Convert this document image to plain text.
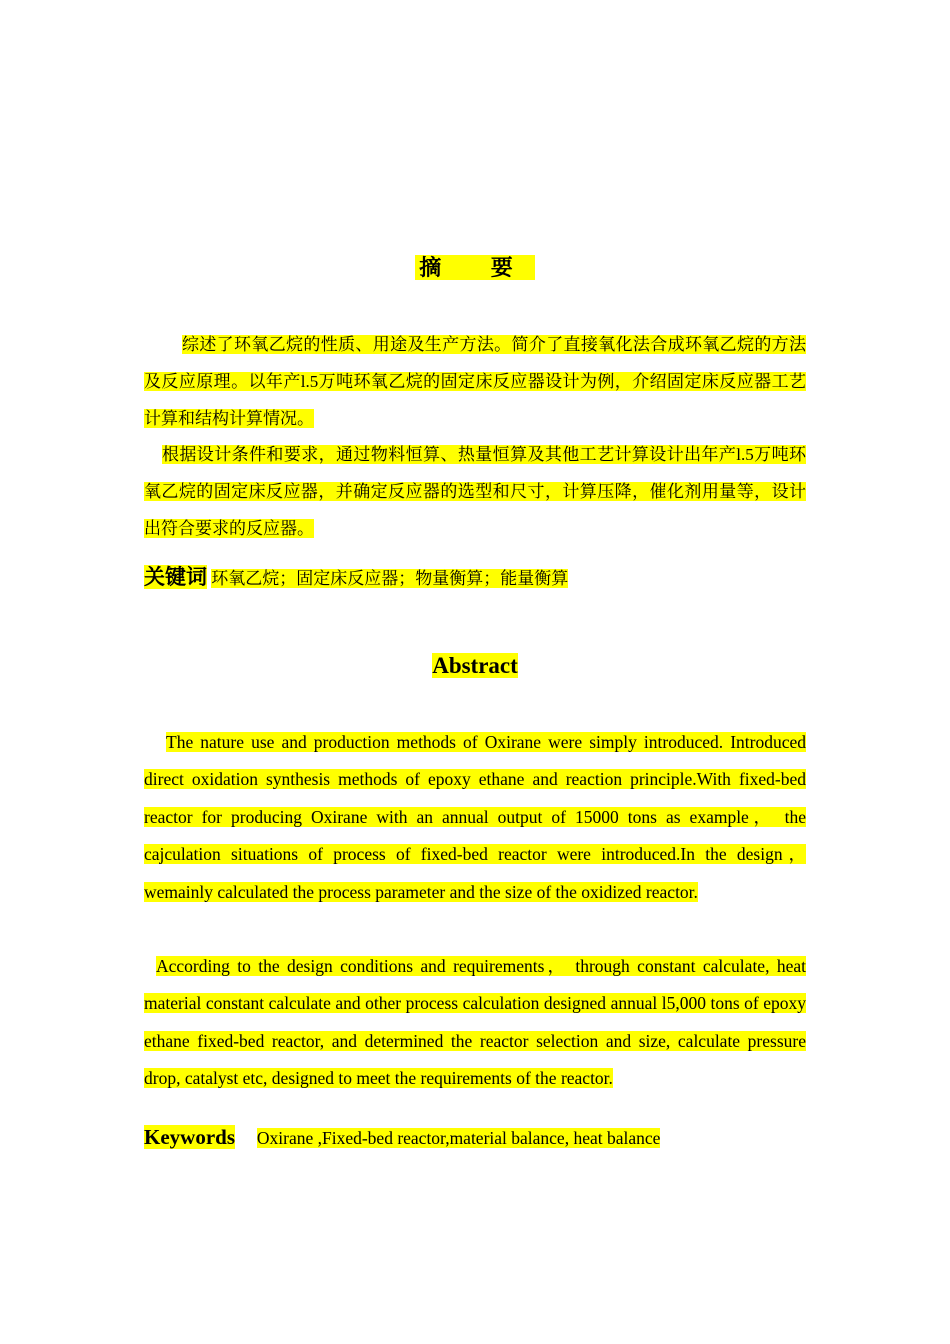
摘 要
综述了环氧乙烷的性质、用途及生产方法。简介了直接氧化法合成环氧乙烷的方法及反应原理。以年产l.5万吨环氧乙烷的固定床反应器设计为例，介绍固定床反应器工艺计算和结构计算情况。
根据设计条件和要求，通过物料恒算、热量恒算及其他工艺计算设计出年产l.5万吨环氧乙烷的固定床反应器，并确定反应器的选型和尺寸，计算压降，催化剂用量等，设计出符合要求的反应器。
关键词 环氧乙烷；固定床反应器；物量衡算；能量衡算
Abstract
The nature use and production methods of Oxirane were simply introduced. Introduced direct oxidation synthesis methods of epoxy ethane and reaction principle.With fixed-bed reactor for producing Oxirane with an annual output of 15000 tons as example， the cajculation situations of process of fixed-bed reactor were introduced.In the design， wemainly calculated the process parameter and the size of the oxidized reactor.
According to the design conditions and requirements， through constant calculate, heat material constant calculate and other process calculation designed annual l5,000 tons of epoxy ethane fixed-bed reactor, and determined the reactor selection and size, calculate pressure drop, catalyst etc, designed to meet the requirements of the reactor.
Keywords Oxirane ,Fixed-bed reactor,material balance, heat balance
